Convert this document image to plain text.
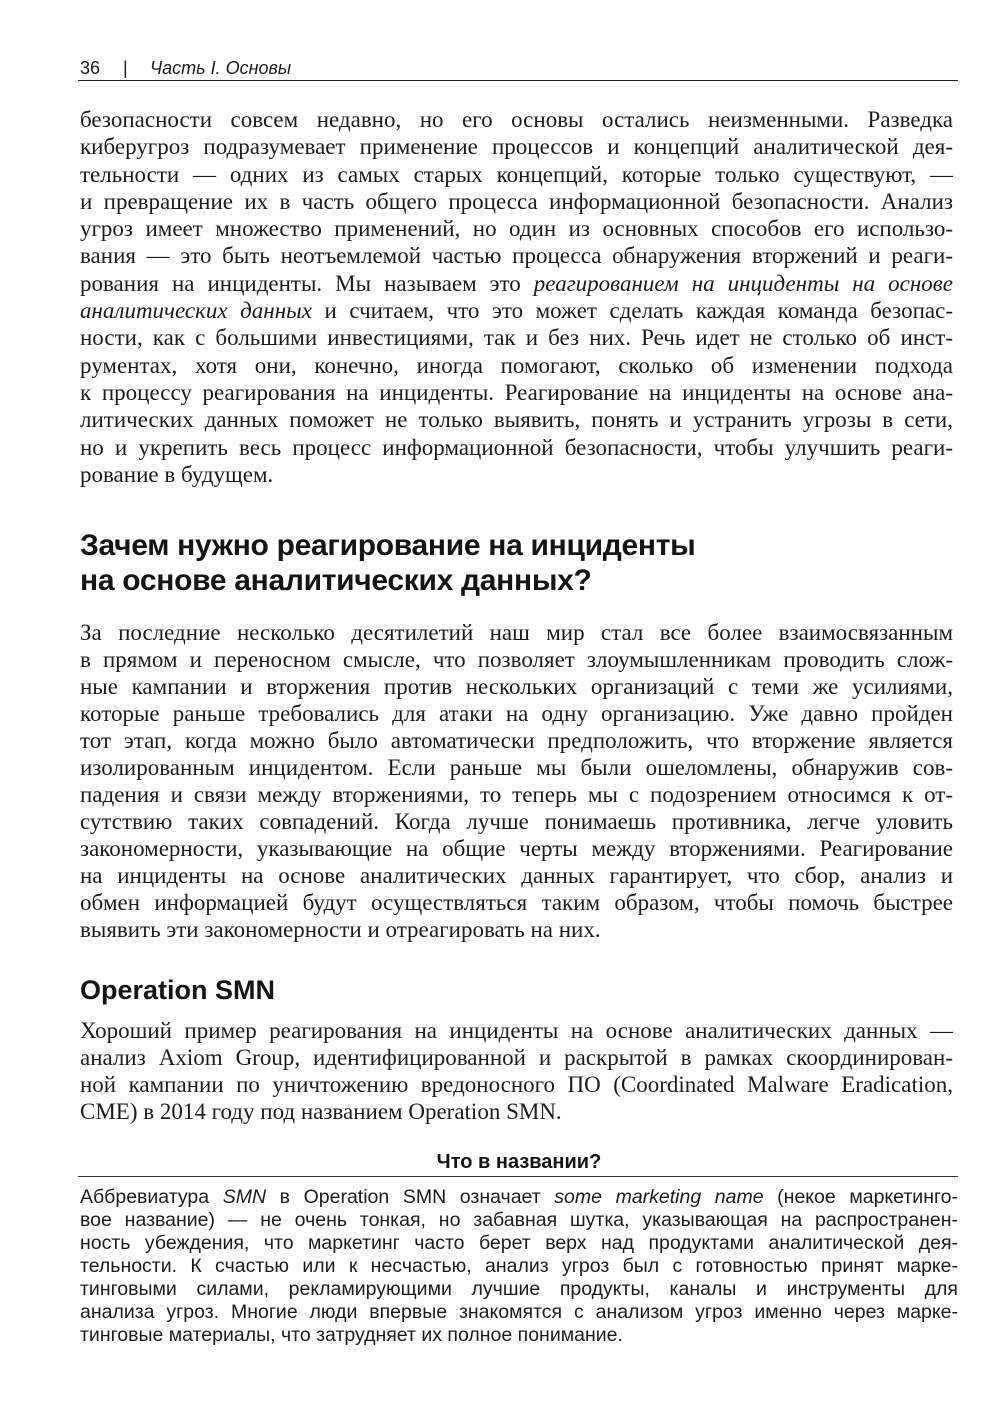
36 | Часть I. Основы
безопасности совсем недавно, но его основы остались неизменными. Разведка
киберугроз подразумевает применение процессов и концепций аналитической дея-
тельности — одних из самых старых концепций, которые только существуют, —
и превращение их в часть общего процесса информационной безопасности. Анализ
угроз имеет множество применений, но один из основных способов его использо-
вания — это быть неотъемлемой частью процесса обнаружения вторжений и реаги-
рования на инциденты. Мы называем это реагированием на инциденты на основе
аналитических данных и считаем, что это может сделать каждая команда безопас-
ности, как с большими инвестициями, так и без них. Речь идет не столько об инст-
рументах, хотя они, конечно, иногда помогают, сколько об изменении подхода
к процессу реагирования на инциденты. Реагирование на инциденты на основе ана-
литических данных поможет не только выявить, понять и устранить угрозы в сети,
но и укрепить весь процесс информационной безопасности, чтобы улучшить реаги-
рование в будущем.
Зачем нужно реагирование на инциденты
на основе аналитических данных?
За последние несколько десятилетий наш мир стал все более взаимосвязанным
в прямом и переносном смысле, что позволяет злоумышленникам проводить слож-
ные кампании и вторжения против нескольких организаций с теми же усилиями,
которые раньше требовались для атаки на одну организацию. Уже давно пройден
тот этап, когда можно было автоматически предположить, что вторжение является
изолированным инцидентом. Если раньше мы были ошеломлены, обнаружив сов-
падения и связи между вторжениями, то теперь мы с подозрением относимся к от-
сутствию таких совпадений. Когда лучше понимаешь противника, легче уловить
закономерности, указывающие на общие черты между вторжениями. Реагирование
на инциденты на основе аналитических данных гарантирует, что сбор, анализ и
обмен информацией будут осуществляться таким образом, чтобы помочь быстрее
выявить эти закономерности и отреагировать на них.
Operation SMN
Хороший пример реагирования на инциденты на основе аналитических данных —
анализ Axiom Group, идентифицированной и раскрытой в рамках скоординирован-
ной кампании по уничтожению вредоносного ПО (Coordinated Malware Eradication,
CME) в 2014 году под названием Operation SMN.
Что в названии?
Аббревиатура SMN в Operation SMN означает some marketing name (некое маркетинго-
вое название) — не очень тонкая, но забавная шутка, указывающая на распространен-
ность убеждения, что маркетинг часто берет верх над продуктами аналитической дея-
тельности. К счастью или к несчастью, анализ угроз был с готовностью принят марке-
тинговыми силами, рекламирующими лучшие продукты, каналы и инструменты для
анализа угроз. Многие люди впервые знакомятся с анализом угроз именно через марке-
тинговые материалы, что затрудняет их полное понимание.
